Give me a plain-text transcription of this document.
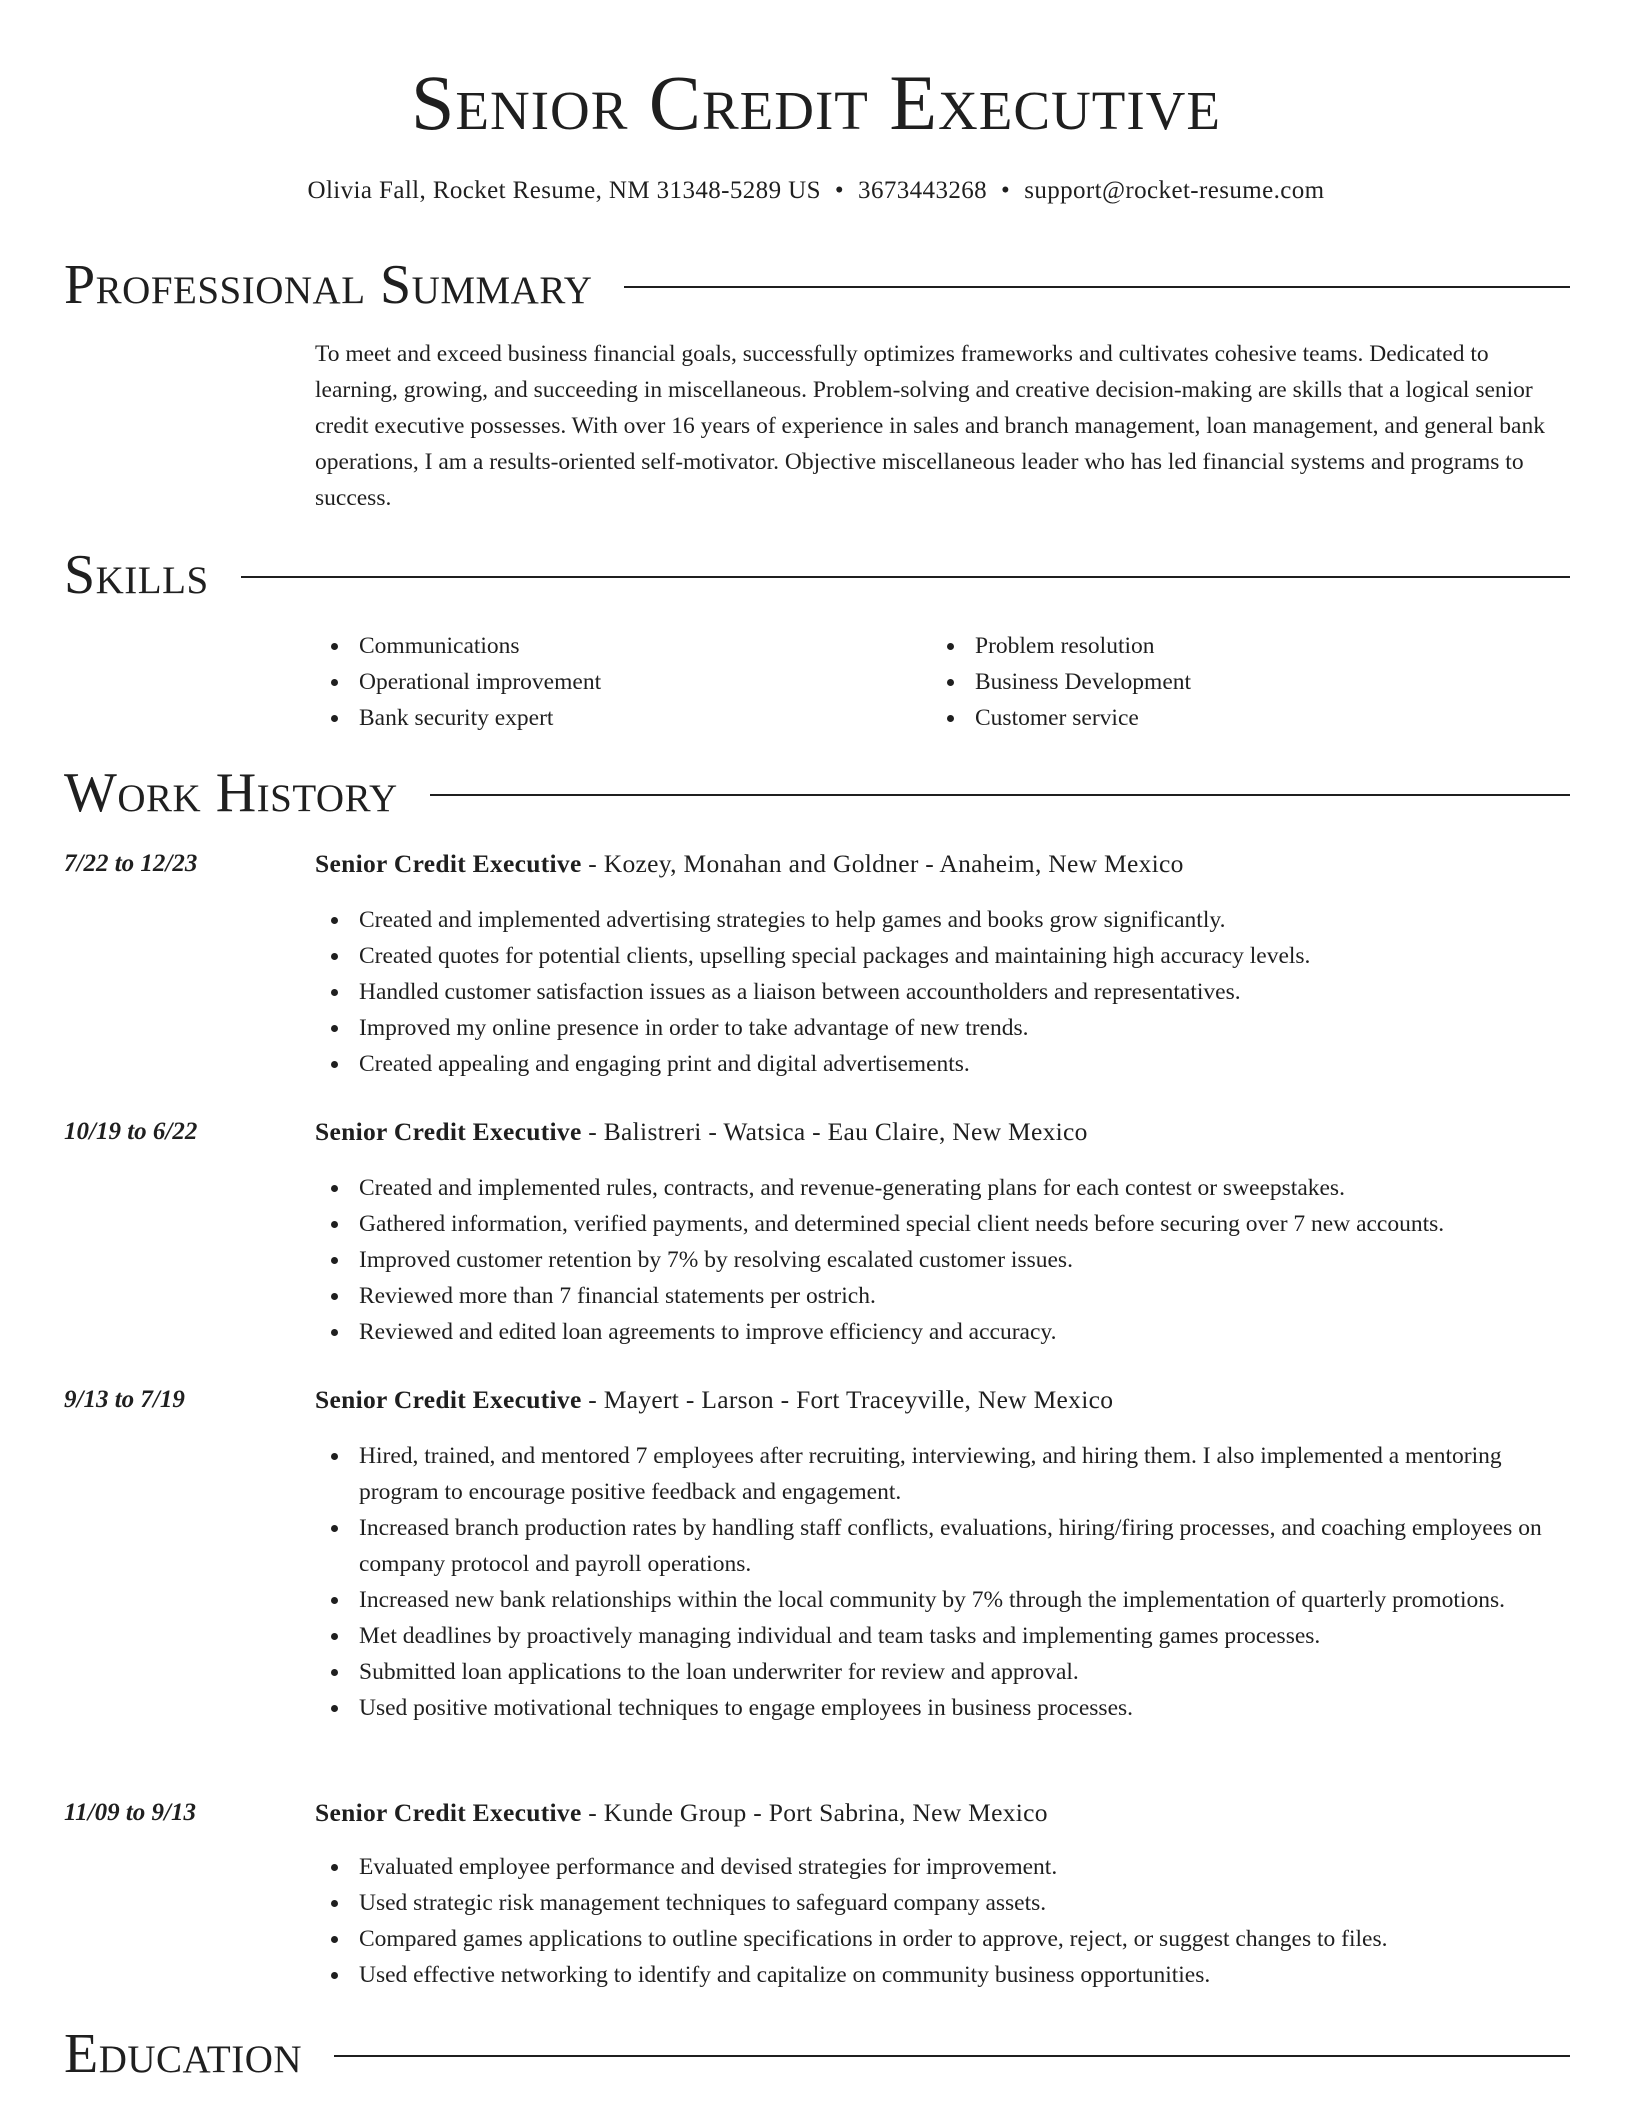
Senior Credit Executive
Olivia Fall, Rocket Resume, NM 31348-5289 US • 3673443268 • support@rocket-resume.com
Professional Summary

To meet and exceed business financial goals, successfully optimizes frameworks and cultivates cohesive teams. Dedicated to learning, growing, and succeeding in miscellaneous. Problem-solving and creative decision-making are skills that a logical senior credit executive possesses. With over 16 years of experience in sales and branch management, loan management, and general bank operations, I am a results-oriented self-motivator. Objective miscellaneous leader who has led financial systems and programs to success.

Skills
Communications
Operational improvement
Bank security expert
Problem resolution
Business Development
Customer service
Work History
7/22 to 12/23	Senior Credit Executive - Kozey, Monahan and Goldner - Anaheim, New Mexico
Created and implemented advertising strategies to help games and books grow significantly.
Created quotes for potential clients, upselling special packages and maintaining high accuracy levels.
Handled customer satisfaction issues as a liaison between accountholders and representatives.
Improved my online presence in order to take advantage of new trends.
Created appealing and engaging print and digital advertisements.
10/19 to 6/22	Senior Credit Executive - Balistreri - Watsica - Eau Claire, New Mexico
Created and implemented rules, contracts, and revenue-generating plans for each contest or sweepstakes.
Gathered information, verified payments, and determined special client needs before securing over 7 new accounts.
Improved customer retention by 7% by resolving escalated customer issues.
Reviewed more than 7 financial statements per ostrich.
Reviewed and edited loan agreements to improve efficiency and accuracy.
9/13 to 7/19	Senior Credit Executive - Mayert - Larson - Fort Traceyville, New Mexico
Hired, trained, and mentored 7 employees after recruiting, interviewing, and hiring them. I also implemented a mentoring program to encourage positive feedback and engagement.
Increased branch production rates by handling staff conflicts, evaluations, hiring/firing processes, and coaching employees on company protocol and payroll operations.
Increased new bank relationships within the local community by 7% through the implementation of quarterly promotions.
Met deadlines by proactively managing individual and team tasks and implementing games processes.
Submitted loan applications to the loan underwriter for review and approval.
Used positive motivational techniques to engage employees in business processes.
11/09 to 9/13	Senior Credit Executive - Kunde Group - Port Sabrina, New Mexico
Evaluated employee performance and devised strategies for improvement.
Used strategic risk management techniques to safeguard company assets.
Compared games applications to outline specifications in order to approve, reject, or suggest changes to files.
Used effective networking to identify and capitalize on community business opportunities.
Education
